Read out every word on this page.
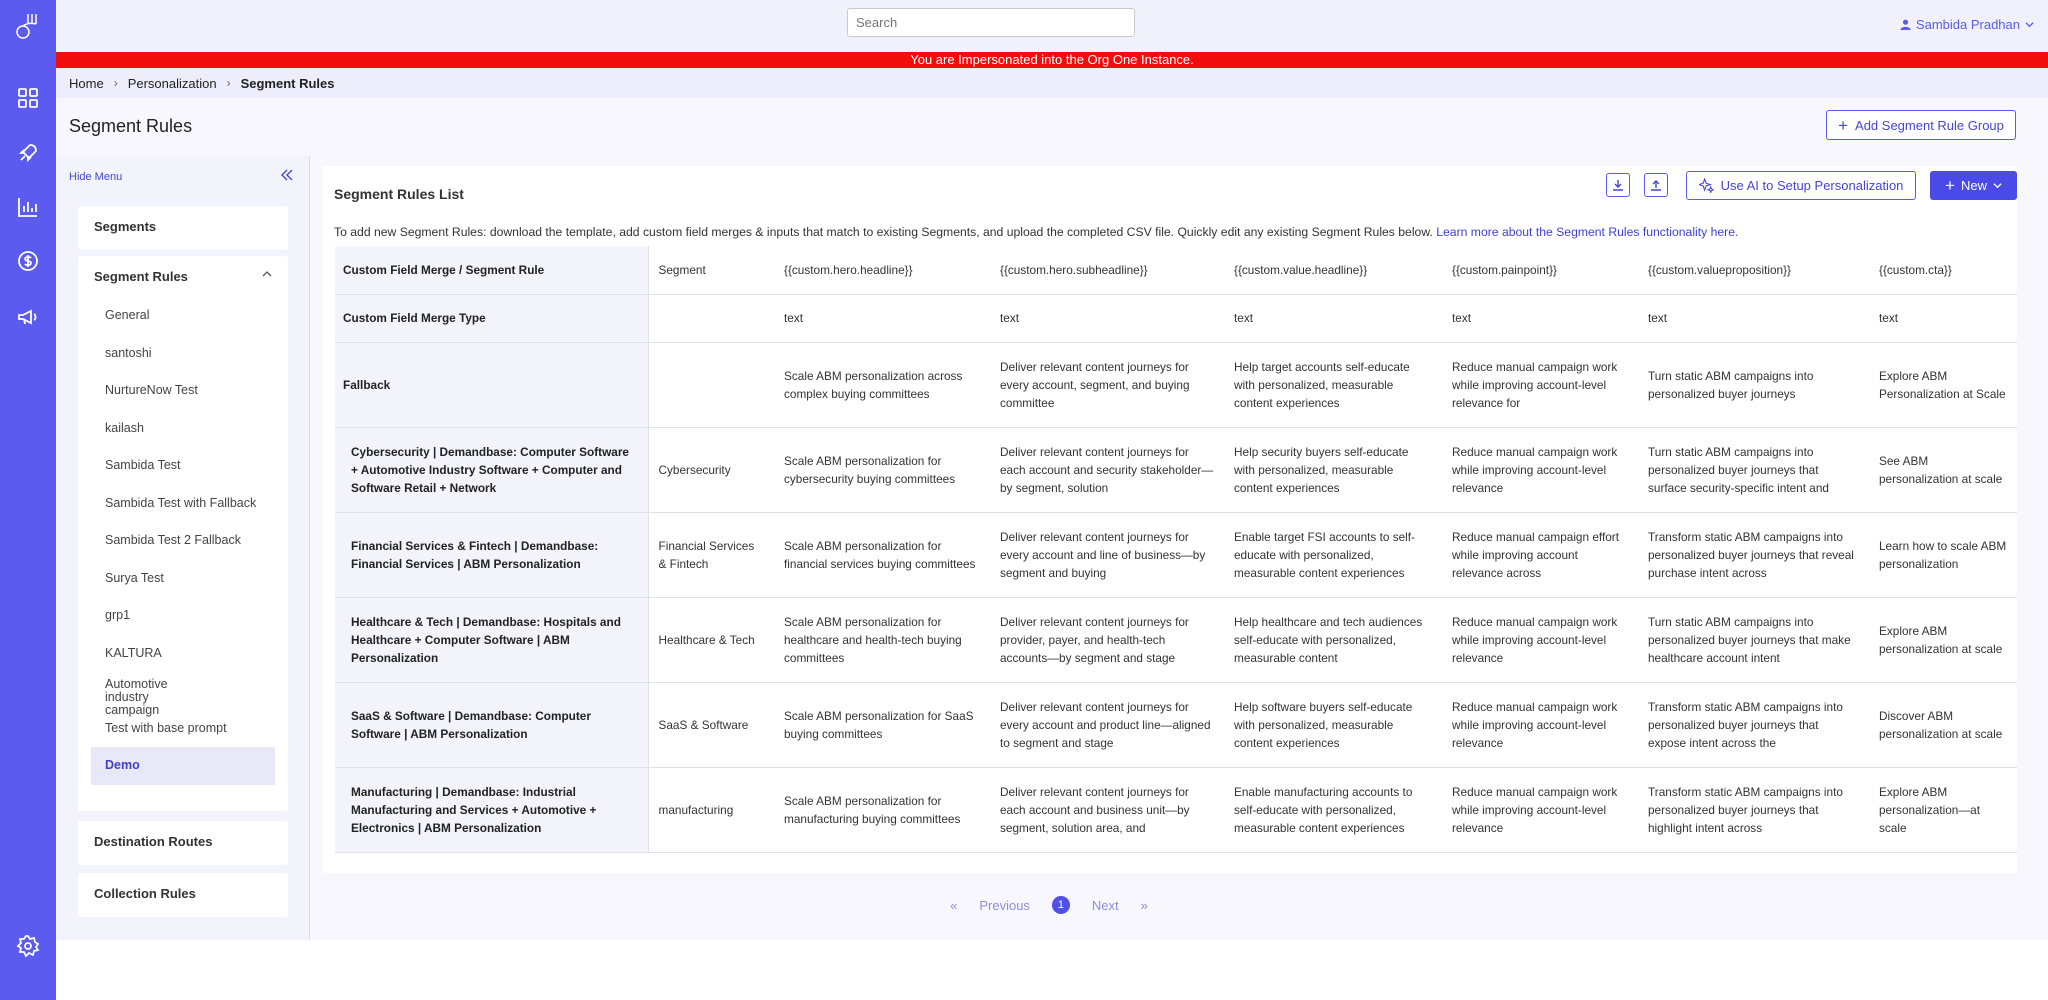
Search
Sambida Pradhan
You are Impersonated into the Org One Instance.
Home › Personalization › Segment Rules
Segment Rules	+ Add Segment Rule Group
Hide Menu
Segments
Segment Rules
General
santoshi
NurtureNow Test
kailash
Sambida Test
Sambida Test with Fallback
Sambida Test 2 Fallback
Surya Test
grp1
KALTURA
Automotive industry campaign
Test with base prompt
Demo
Destination Routes
Collection Rules
Segment Rules List
Use AI to Setup Personalization + New
To add new Segment Rules: download the template, add custom field merges & inputs that match to existing Segments, and upload the completed CSV file. Quickly edit any existing Segment Rules below. Learn more about the Segment Rules functionality here.
Custom Field Merge / Segment Rule	Segment	{{custom.hero.headline}}	{{custom.hero.subheadline}}	{{custom.value.headline}}	{{custom.painpoint}}	{{custom.valueproposition}}	{{custom.cta}}
Custom Field Merge Type		text	text	text	text	text	text

Fallback		Scale ABM personalization across complex buying committees	Deliver relevant content journeys for every account, segment, and buying committee	Help target accounts self-educate with personalized, measurable content experiences	Reduce manual campaign work while improving account-level relevance for	Turn static ABM campaigns into personalized buyer journeys	Explore ABM Personalization at Scale

Cybersecurity | Demandbase: Computer Software + Automotive Industry Software + Computer and Software Retail + Network	Cybersecurity	Scale ABM personalization for cybersecurity buying committees	Deliver relevant content journeys for each account and security stakeholder—by segment, solution	Help security buyers self-educate with personalized, measurable content experiences	Reduce manual campaign work while improving account-level relevance	Turn static ABM campaigns into personalized buyer journeys that surface security-specific intent and	See ABM personalization at scale

Financial Services & Fintech | Demandbase: Financial Services | ABM Personalization	Financial Services & Fintech	Scale ABM personalization for financial services buying committees	Deliver relevant content journeys for every account and line of business—by segment and buying	Enable target FSI accounts to self-educate with personalized, measurable content experiences	Reduce manual campaign effort while improving account relevance across	Transform static ABM campaigns into personalized buyer journeys that reveal purchase intent across	Learn how to scale ABM personalization

Healthcare & Tech | Demandbase: Hospitals and Healthcare + Computer Software | ABM Personalization	Healthcare & Tech	Scale ABM personalization for healthcare and health-tech buying committees	Deliver relevant content journeys for provider, payer, and health-tech accounts—by segment and stage	Help healthcare and tech audiences self-educate with personalized, measurable content	Reduce manual campaign work while improving account-level relevance	Turn static ABM campaigns into personalized buyer journeys that make healthcare account intent	Explore ABM personalization at scale

SaaS & Software | Demandbase: Computer Software | ABM Personalization	SaaS & Software	Scale ABM personalization for SaaS buying committees	Deliver relevant content journeys for every account and product line—aligned to segment and stage	Help software buyers self-educate with personalized, measurable content experiences	Reduce manual campaign work while improving account-level relevance	Transform static ABM campaigns into personalized buyer journeys that expose intent across the	Discover ABM personalization at scale

Manufacturing | Demandbase: Industrial Manufacturing and Services + Automotive + Electronics | ABM Personalization	manufacturing	Scale ABM personalization for manufacturing buying committees	Deliver relevant content journeys for each account and business unit—by segment, solution area, and	Enable manufacturing accounts to self-educate with personalized, measurable content experiences	Reduce manual campaign work while improving account-level relevance	Transform static ABM campaigns into personalized buyer journeys that highlight intent across	Explore ABM personalization—at scale
« Previous	1	Next »
